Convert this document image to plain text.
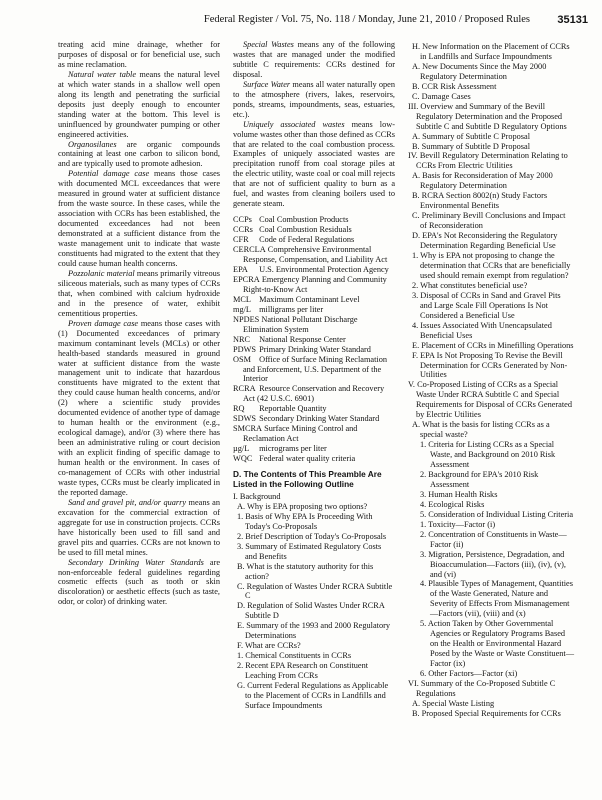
Federal Register / Vol. 75, No. 118 / Monday, June 21, 2010 / Proposed Rules 35131

treating acid mine drainage, whether for purposes of disposal or for beneficial use, such as mine reclamation.

Natural water table means the natural level at which water stands in a shallow well open along its length and penetrating the surficial deposits just deeply enough to encounter standing water at the bottom. This level is uninfluenced by groundwater pumping or other engineered activities.

Organosilanes are organic compounds containing at least one carbon to silicon bond, and are typically used to promote adhesion.

Potential damage case means those cases with documented MCL exceedances that were measured in ground water at sufficient distance from the waste source. In these cases, while the association with CCRs has been established, the documented exceedances had not been demonstrated at a sufficient distance from the waste management unit to indicate that waste constituents had migrated to the extent that they could cause human health concerns.

Pozzolanic material means primarily vitreous siliceous materials, such as many types of CCRs that, when combined with calcium hydroxide and in the presence of water, exhibit cementitious properties.

Proven damage case means those cases with (1) Documented exceedances of primary maximum contaminant levels (MCLs) or other health-based standards measured in ground water at sufficient distance from the waste management unit to indicate that hazardous constituents have migrated to the extent that they could cause human health concerns, and/or (2) where a scientific study provides documented evidence of another type of damage to human health or the environment (e.g., ecological damage), and/or (3) where there has been an administrative ruling or court decision with an explicit finding of specific damage to human health or the environment. In cases of co-management of CCRs with other industrial waste types, CCRs must be clearly implicated in the reported damage.

Sand and gravel pit, and/or quarry means an excavation for the commercial extraction of aggregate for use in construction projects. CCRs have historically been used to fill sand and gravel pits and quarries. CCRs are not known to be used to fill metal mines.

Secondary Drinking Water Standards are non-enforceable federal guidelines regarding cosmetic effects (such as tooth or skin discoloration) or aesthetic effects (such as taste, odor, or color) of drinking water.

Special Wastes means any of the following wastes that are managed under the modified subtitle C requirements: CCRs destined for disposal.

Surface Water means all water naturally open to the atmosphere (rivers, lakes, reservoirs, ponds, streams, impoundments, seas, estuaries, etc.).

Uniquely associated wastes means low-volume wastes other than those defined as CCRs that are related to the coal combustion process. Examples of uniquely associated wastes are precipitation runoff from coal storage piles at the electric utility, waste coal or coal mill rejects that are not of sufficient quality to burn as a fuel, and wastes from cleaning boilers used to generate steam.

CCPs Coal Combustion Products
CCRs Coal Combustion Residuals
CFR Code of Federal Regulations
CERCLA Comprehensive Environmental Response, Compensation, and Liability Act
EPA U.S. Environmental Protection Agency
EPCRA Emergency Planning and Community Right-to-Know Act
MCL Maximum Contaminant Level
mg/L milligrams per liter
NPDES National Pollutant Discharge Elimination System
NRC National Response Center
PDWS Primary Drinking Water Standard
OSM Office of Surface Mining Reclamation and Enforcement, U.S. Department of the Interior
RCRA Resource Conservation and Recovery Act (42 U.S.C. 6901)
RQ Reportable Quantity
SDWS Secondary Drinking Water Standard
SMCRA Surface Mining Control and Reclamation Act
µg/L micrograms per liter
WQC Federal water quality criteria
D. The Contents of This Preamble Are Listed in the Following Outline
I. Background
A. Why is EPA proposing two options?
1. Basis of Why EPA Is Proceeding With Today's Co-Proposals
2. Brief Description of Today's Co-Proposals
3. Summary of Estimated Regulatory Costs and Benefits
B. What is the statutory authority for this action?
C. Regulation of Wastes Under RCRA Subtitle C
D. Regulation of Solid Wastes Under RCRA Subtitle D
E. Summary of the 1993 and 2000 Regulatory Determinations
F. What are CCRs?
1. Chemical Constituents in CCRs
2. Recent EPA Research on Constituent Leaching From CCRs
G. Current Federal Regulations as Applicable to the Placement of CCRs in Landfills and Surface Impoundments
H. New Information on the Placement of CCRs in Landfills and Surface Impoundments
A. New Documents Since the May 2000 Regulatory Determination
B. CCR Risk Assessment
C. Damage Cases
III. Overview and Summary of the Bevill Regulatory Determination and the Proposed Subtitle C and Subtitle D Regulatory Options
A. Summary of Subtitle C Proposal
B. Summary of Subtitle D Proposal
IV. Bevill Regulatory Determination Relating to CCRs From Electric Utilities
A. Basis for Reconsideration of May 2000 Regulatory Determination
B. RCRA Section 8002(n) Study Factors Environmental Benefits
C. Preliminary Bevill Conclusions and Impact of Reconsideration
D. EPA's Not Reconsidering the Regulatory Determination Regarding Beneficial Use
1. Why is EPA not proposing to change the determination that CCRs that are beneficially used should remain exempt from regulation?
2. What constitutes beneficial use?
3. Disposal of CCRs in Sand and Gravel Pits and Large Scale Fill Operations Is Not Considered a Beneficial Use
4. Issues Associated With Unencapsulated Beneficial Uses
E. Placement of CCRs in Minefilling Operations
F. EPA Is Not Proposing To Revise the Bevill Determination for CCRs Generated by Non-Utilities
V. Co-Proposed Listing of CCRs as a Special Waste Under RCRA Subtitle C and Special Requirements for Disposal of CCRs Generated by Electric Utilities
A. What is the basis for listing CCRs as a special waste?
1. Criteria for Listing CCRs as a Special Waste, and Background on 2010 Risk Assessment
2. Background for EPA's 2010 Risk Assessment
3. Human Health Risks
4. Ecological Risks
5. Consideration of Individual Listing Criteria
1. Toxicity—Factor (i)
2. Concentration of Constituents in Waste—Factor (ii)
3. Migration, Persistence, Degradation, and Bioaccumulation—Factors (iii), (iv), (v), and (vi)
4. Plausible Types of Management, Quantities of the Waste Generated, Nature and Severity of Effects From Mismanagement—Factors (vii), (viii) and (x)
5. Action Taken by Other Governmental Agencies or Regulatory Programs Based on the Health or Environmental Hazard Posed by the Waste or Waste Constituent—Factor (ix)
6. Other Factors—Factor (xi)
VI. Summary of the Co-Proposed Subtitle C Regulations
A. Special Waste Listing
B. Proposed Special Requirements for CCRs
